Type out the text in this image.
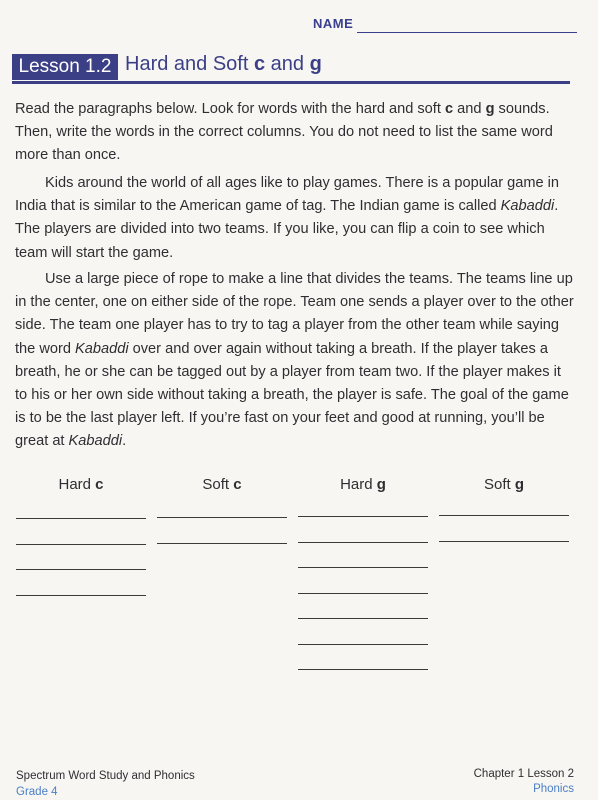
NAME
Lesson 1.2 Hard and Soft c and g

Read the paragraphs below. Look for words with the hard and soft c and g sounds. Then, write the words in the correct columns. You do not need to list the same word more than once.

Kids around the world of all ages like to play games. There is a popular game in India that is similar to the American game of tag. The Indian game is called Kabaddi. The players are divided into two teams. If you like, you can flip a coin to see which team will start the game.

Use a large piece of rope to make a line that divides the teams. The teams line up in the center, one on either side of the rope. Team one sends a player over to the other side. The team one player has to try to tag a player from the other team while saying the word Kabaddi over and over again without taking a breath. If the player takes a breath, he or she can be tagged out by a player from team two. If the player makes it to his or her own side without taking a breath, the player is safe. The goal of the game is to be the last player left. If you’re fast on your feet and good at running, you’ll be great at Kabaddi.

Hard c	Soft c	Hard g	Soft g
Spectrum Word Study and Phonics
Grade 4
Chapter 1 Lesson 2
Phonics
